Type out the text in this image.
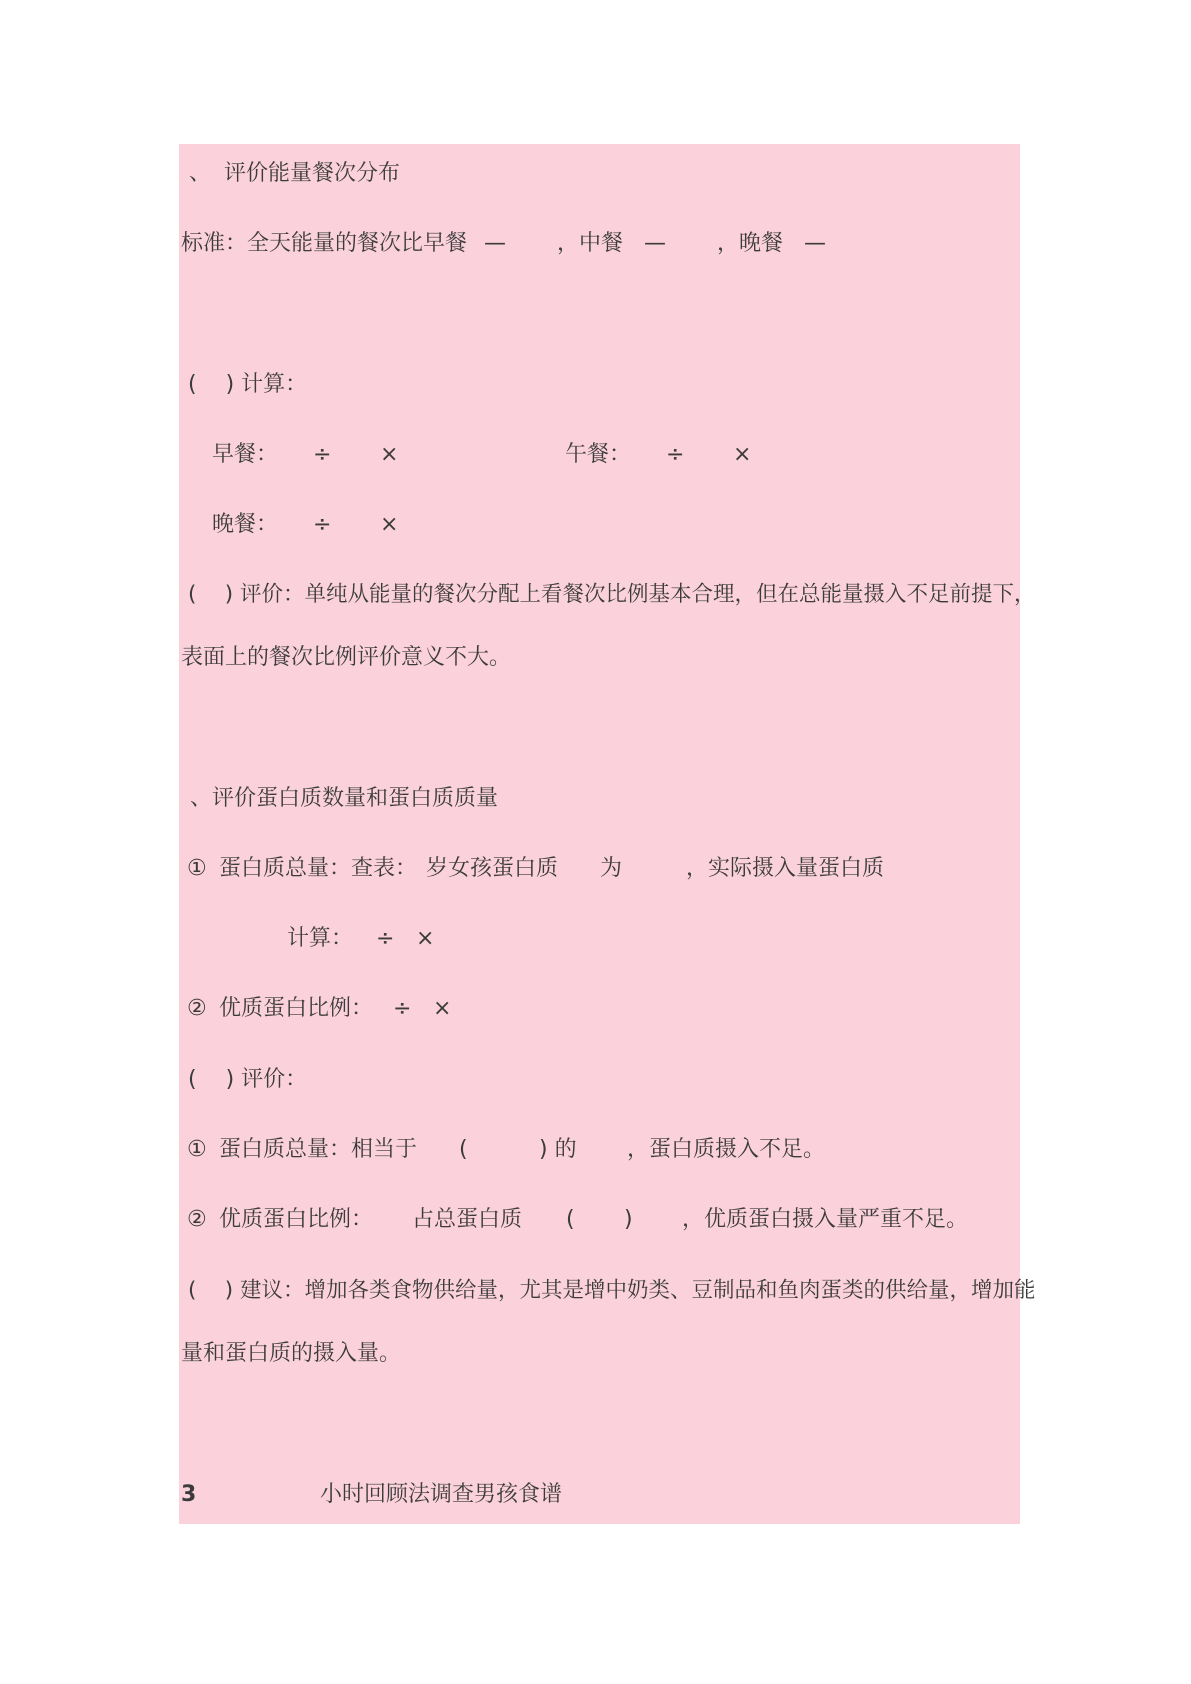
、 评价能量餐次分布
标准：全天能量的餐次比早餐 — ，中餐 — ，晚餐 —
(　 ) 计算：
早餐： ÷ ×	午餐： ÷ ×
晚餐： ÷ ×
(　 ) 评价：单纯从能量的餐次分配上看餐次比例基本合理，但在总能量摄入不足前提下，
表面上的餐次比例评价意义不大。
、评价蛋白质数量和蛋白质质量
① 蛋白质总量：查表： 岁女孩蛋白质 为	，实际摄入量蛋白质
计算： ÷ ×
② 优质蛋白比例： ÷ ×
(　 ) 评价：
① 蛋白质总量：相当于 (	) 的 ，蛋白质摄入不足。
② 优质蛋白比例： 占总蛋白质 ( ) ，优质蛋白摄入量严重不足。
(　 ) 建议：增加各类食物供给量，尤其是增中奶类、豆制品和鱼肉蛋类的供给量，增加能
量和蛋白质的摄入量。
3	小时回顾法调查男孩食谱
